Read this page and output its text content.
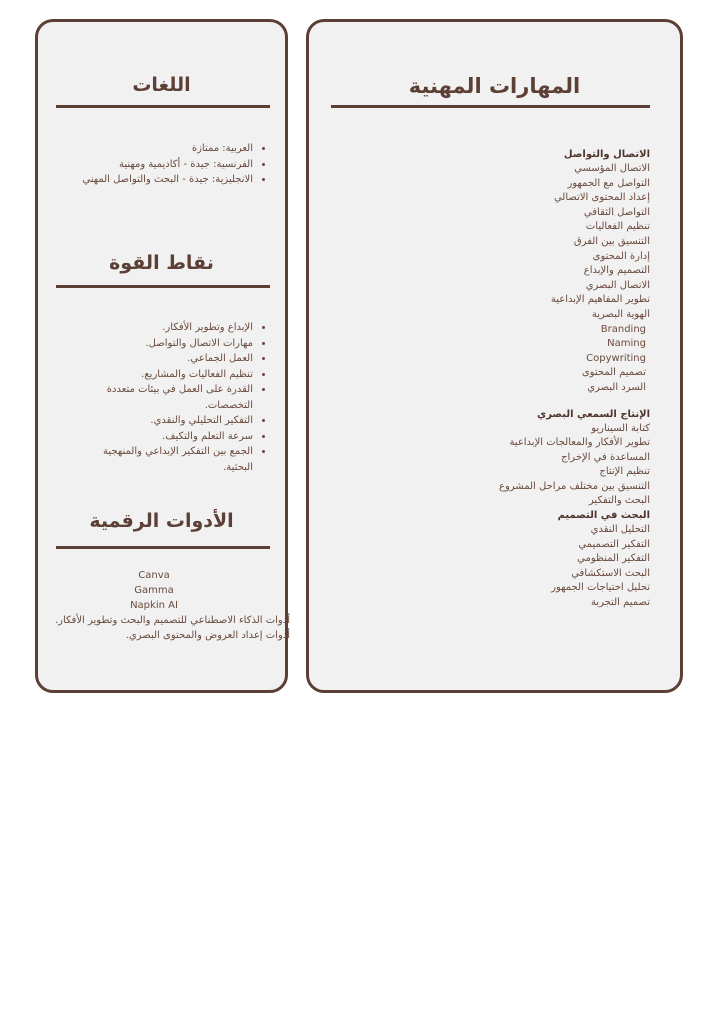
المهارات المهنية
الاتصال والتواصل
الاتصال المؤسسي
التواصل مع الجمهور
إعداد المحتوى الاتصالي
التواصل الثقافي
تنظيم الفعاليات
التنسيق بين الفرق
إدارة المحتوى
التصميم والإبداع
الاتصال البصري
تطوير المفاهيم الإبداعية
الهوية البصرية
Branding
Naming
Copywriting
تصميم المحتوى
السرد البصري
الإنتاج السمعي البصري
كتابة السيناريو
تطوير الأفكار والمعالجات الإبداعية
المساعدة في الإخراج
تنظيم الإنتاج
التنسيق بين مختلف مراحل المشروع
البحث والتفكير
البحث في التصميم
التحليل النقدي
التفكير التصميمي
التفكير المنظومي
البحث الاستكشافي
تحليل احتياجات الجمهور
تصميم التجربة
اللغات
• العربية: ممتازة
• الفرنسية: جيدة - أكاديمية ومهنية
• الانجليزية: جيدة - البحث والتواصل المهني
نقاط القوة
• الإبداع وتطوير الأفكار.
• مهارات الاتصال والتواصل.
• العمل الجماعي.
• تنظيم الفعاليات والمشاريع.
• القدرة على العمل في بيئات متعددة التخصصات.
• التفكير التحليلي والنقدي.
• سرعة التعلم والتكيف.
• الجمع بين التفكير الإبداعي والمنهجية البحثية.
الأدوات الرقمية
Canva
Gamma
Napkin AI
أدوات الذكاء الاصطناعي للتصميم والبحث وتطوير الأفكار.
أدوات إعداد العروض والمحتوى البصري.
